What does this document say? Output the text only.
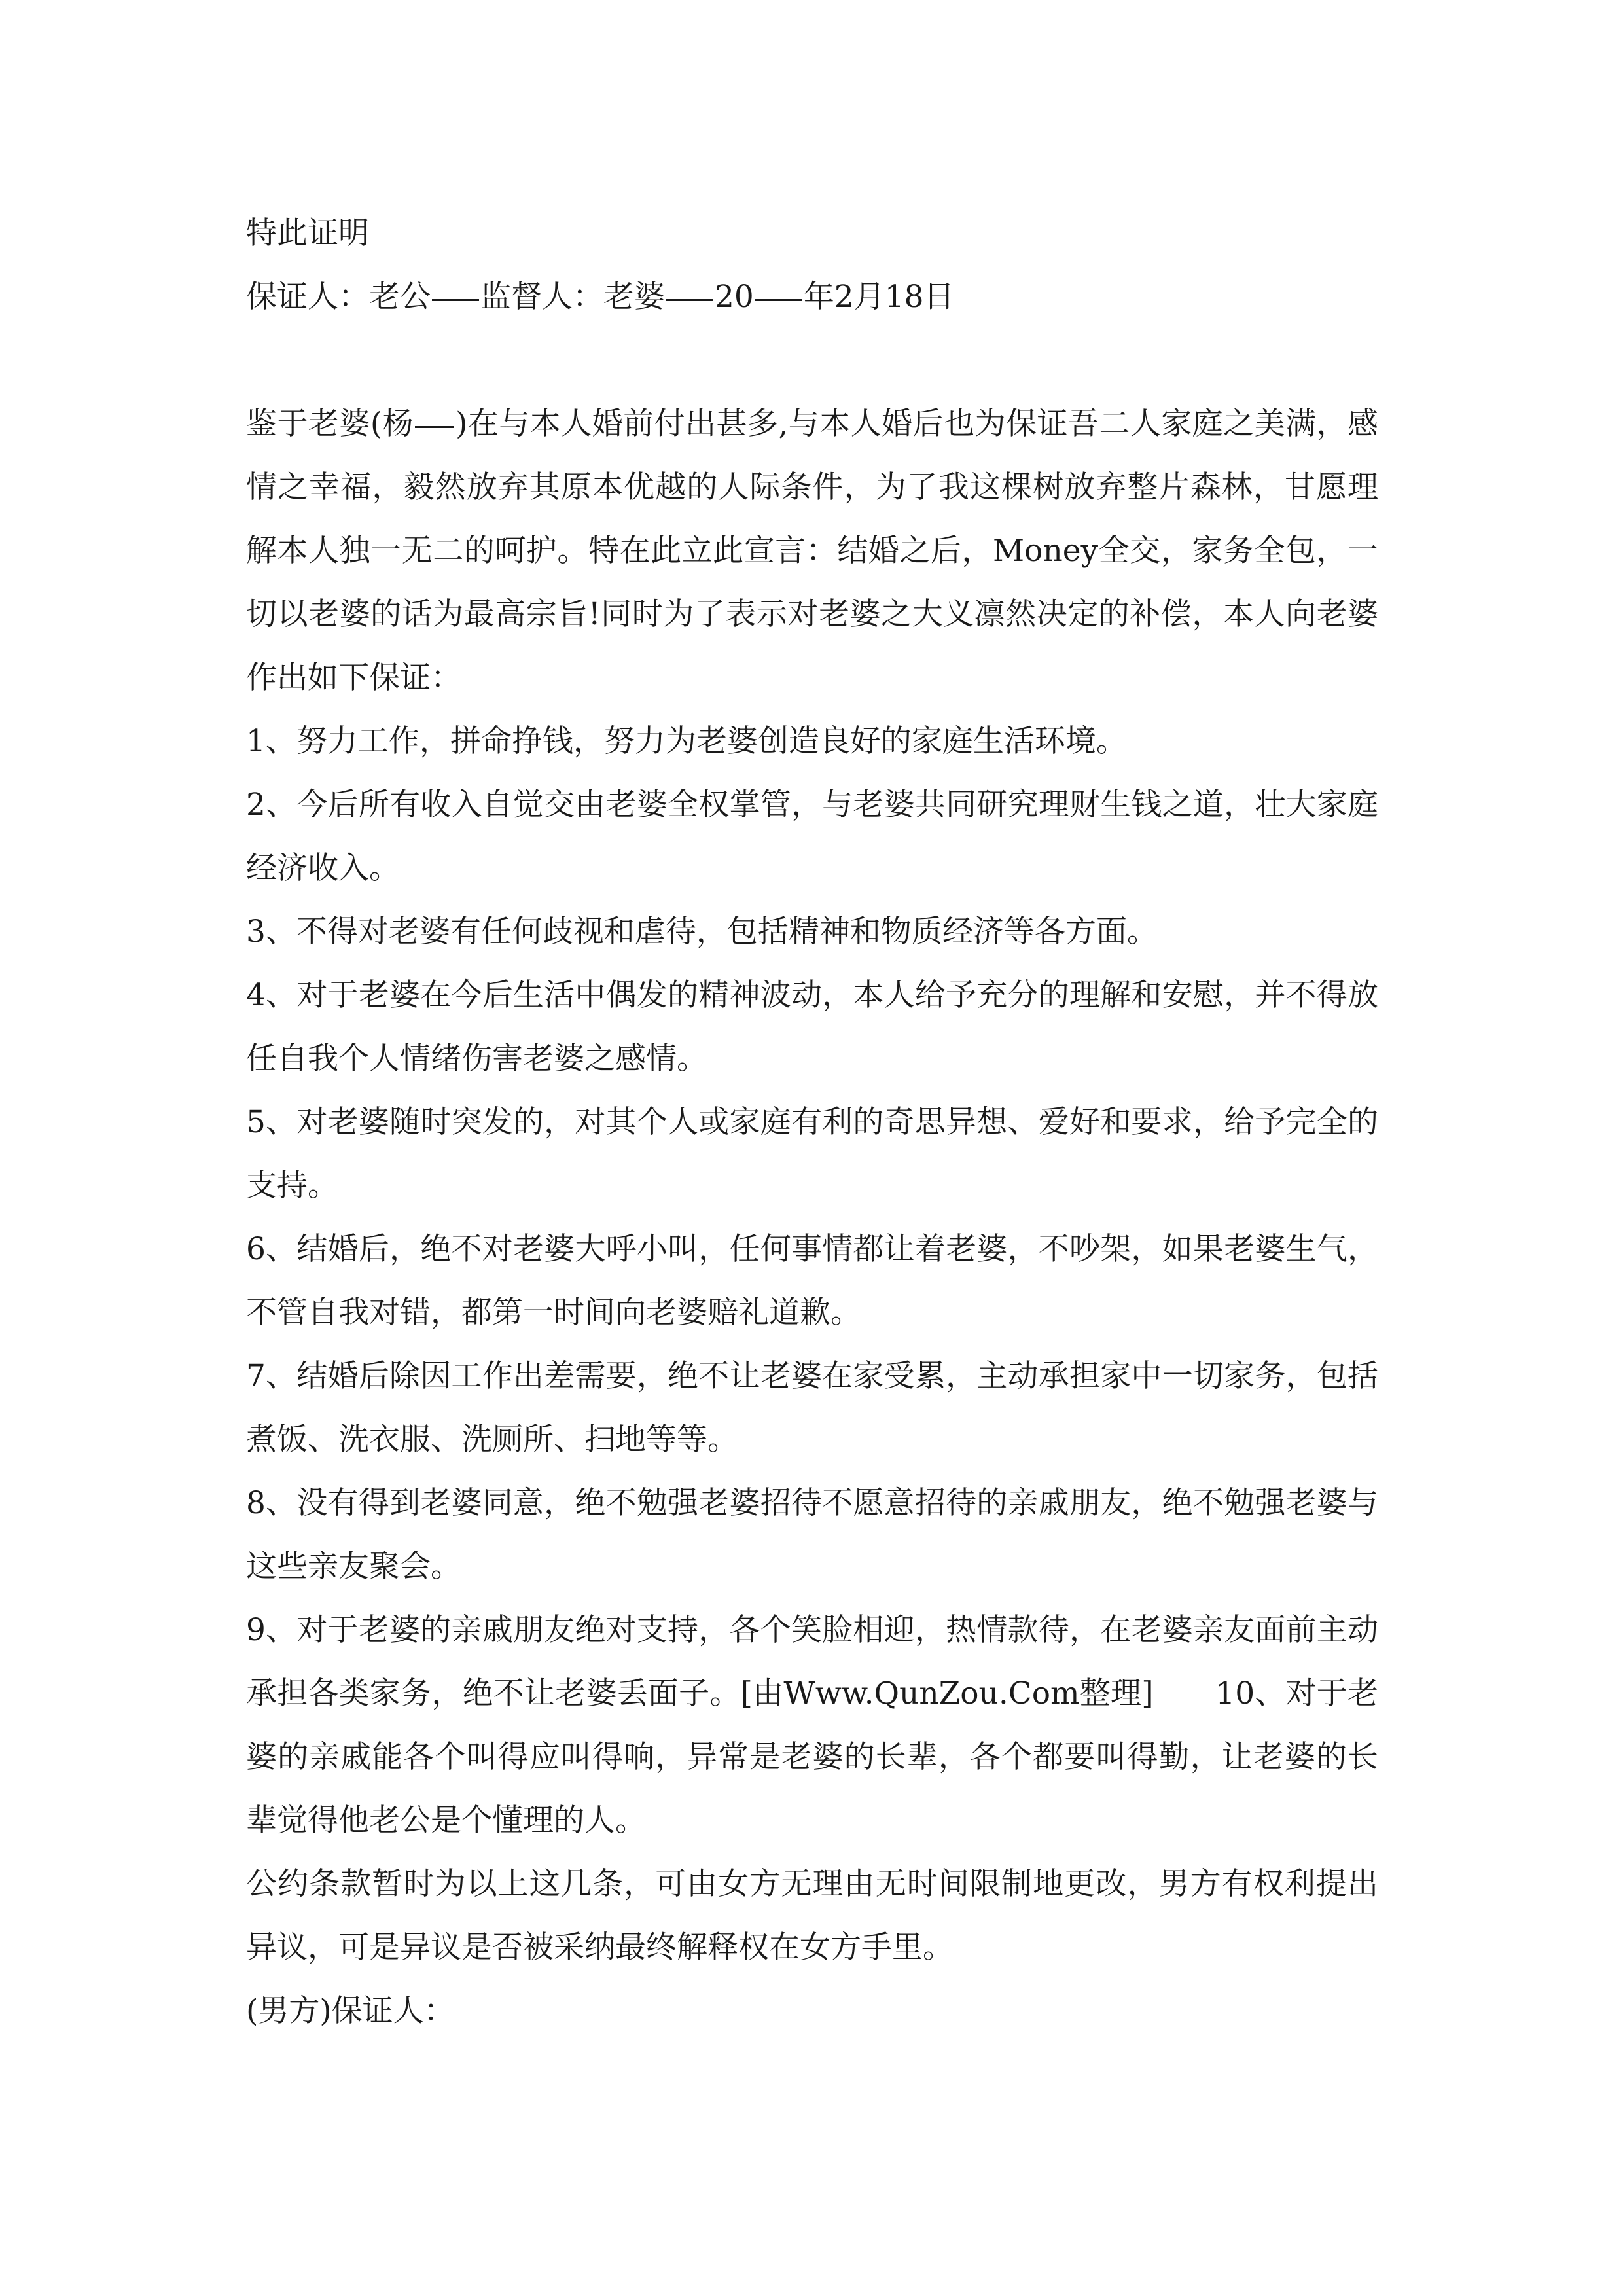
特此证明

保证人：老公 监督人：老婆 20 年2月18日

鉴于老婆(杨 )在与本人婚前付出甚多,与本人婚后也为保证吾二人家庭之美满，感情之幸福，毅然放弃其原本优越的人际条件，为了我这棵树放弃整片森林，甘愿理解本人独一无二的呵护。特在此立此宣言：结婚之后，Money全交，家务全包，一切以老婆的话为最高宗旨!同时为了表示对老婆之大义凛然决定的补偿，本人向老婆作出如下保证：

1、努力工作，拼命挣钱，努力为老婆创造良好的家庭生活环境。

2、今后所有收入自觉交由老婆全权掌管，与老婆共同研究理财生钱之道，壮大家庭经济收入。

3、不得对老婆有任何歧视和虐待，包括精神和物质经济等各方面。

4、对于老婆在今后生活中偶发的精神波动，本人给予充分的理解和安慰，并不得放任自我个人情绪伤害老婆之感情。

5、对老婆随时突发的，对其个人或家庭有利的奇思异想、爱好和要求，给予完全的支持。

6、结婚后，绝不对老婆大呼小叫，任何事情都让着老婆，不吵架，如果老婆生气，不管自我对错，都第一时间向老婆赔礼道歉。

7、结婚后除因工作出差需要，绝不让老婆在家受累，主动承担家中一切家务，包括煮饭、洗衣服、洗厕所、扫地等等。

8、没有得到老婆同意，绝不勉强老婆招待不愿意招待的亲戚朋友，绝不勉强老婆与这些亲友聚会。

9、对于老婆的亲戚朋友绝对支持，各个笑脸相迎，热情款待，在老婆亲友面前主动承担各类家务，绝不让老婆丢面子。[由Www.QunZou.Com整理]　　10、对于老婆的亲戚能各个叫得应叫得响，异常是老婆的长辈，各个都要叫得勤，让老婆的长辈觉得他老公是个懂理的人。

公约条款暂时为以上这几条，可由女方无理由无时间限制地更改，男方有权利提出异议，可是异议是否被采纳最终解释权在女方手里。

(男方)保证人：
